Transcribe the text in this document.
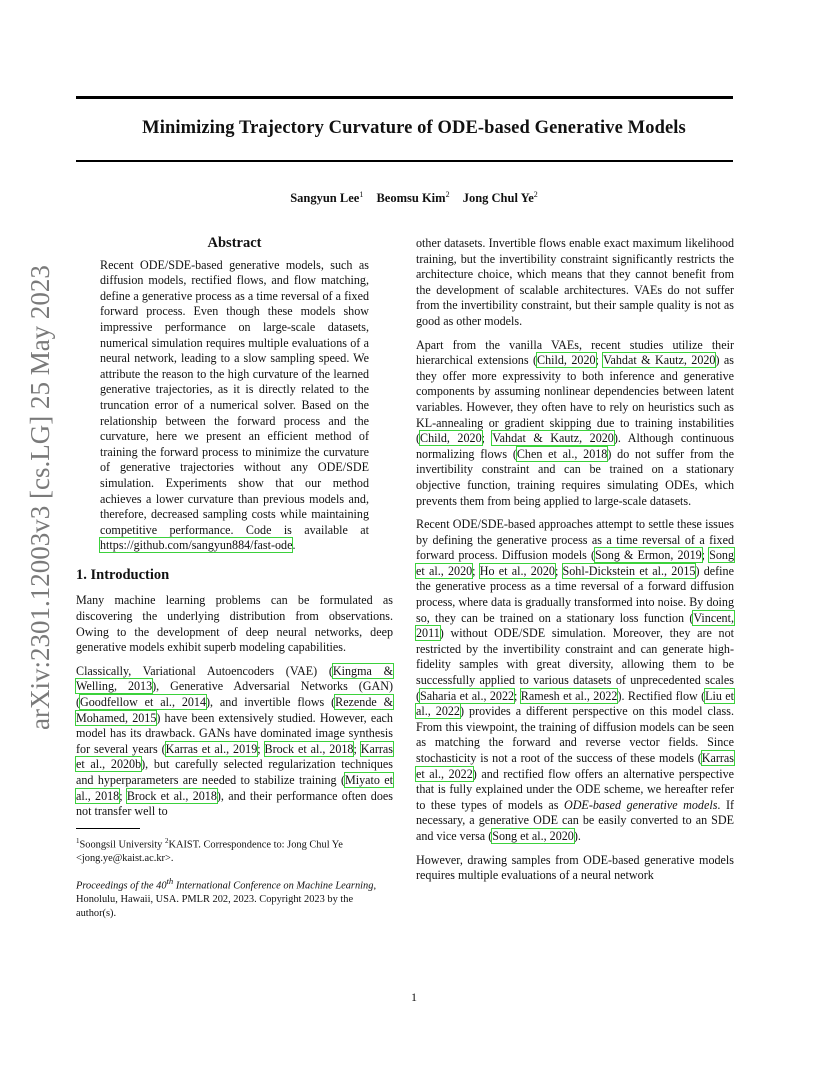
arXiv:2301.12003v3 [cs.LG] 25 May 2023
Minimizing Trajectory Curvature of ODE-based Generative Models
Sangyun Lee$^1$ Beomsu Kim$^2$ Jong Chul Ye$^2$
Abstract
Recent ODE/SDE-based generative models, such as diffusion models, rectified flows, and flow matching, define a generative process as a time reversal of a fixed forward process. Even though these models show impressive performance on large-scale datasets, numerical simulation requires multiple evaluations of a neural network, leading to a slow sampling speed. We attribute the reason to the high curvature of the learned generative trajectories, as it is directly related to the truncation error of a numerical solver. Based on the relationship between the forward process and the curvature, here we present an efficient method of training the forward process to minimize the curvature of generative trajectories without any ODE/SDE simulation. Experiments show that our method achieves a lower curvature than previous models and, therefore, decreased sampling costs while maintaining competitive performance. Code is available at https://github.com/sangyun884/fast-ode.
1. Introduction

Many machine learning problems can be formulated as discovering the underlying distribution from observations. Owing to the development of deep neural networks, deep generative models exhibit superb modeling capabilities.

Classically, Variational Autoencoders (VAE) (Kingma & Welling, 2013), Generative Adversarial Networks (GAN) (Goodfellow et al., 2014), and invertible flows (Rezende & Mohamed, 2015) have been extensively studied. However, each model has its drawback. GANs have dominated image synthesis for several years (Karras et al., 2019; Brock et al., 2018; Karras et al., 2020b), but carefully selected regularization techniques and hyperparameters are needed to stabilize training (Miyato et al., 2018; Brock et al., 2018), and their performance often does not transfer well to

$^1$Soongsil University $^2$KAIST. Correspondence to: Jong Chul Ye <jong.ye@kaist.ac.kr>.
Proceedings of the 40th International Conference on Machine Learning, Honolulu, Hawaii, USA. PMLR 202, 2023. Copyright 2023 by the author(s).

other datasets. Invertible flows enable exact maximum likelihood training, but the invertibility constraint significantly restricts the architecture choice, which means that they cannot benefit from the development of scalable architectures. VAEs do not suffer from the invertibility constraint, but their sample quality is not as good as other models.

Apart from the vanilla VAEs, recent studies utilize their hierarchical extensions (Child, 2020; Vahdat & Kautz, 2020) as they offer more expressivity to both inference and generative components by assuming nonlinear dependencies between latent variables. However, they often have to rely on heuristics such as KL-annealing or gradient skipping due to training instabilities (Child, 2020; Vahdat & Kautz, 2020). Although continuous normalizing flows (Chen et al., 2018) do not suffer from the invertibility constraint and can be trained on a stationary objective function, training requires simulating ODEs, which prevents them from being applied to large-scale datasets.

Recent ODE/SDE-based approaches attempt to settle these issues by defining the generative process as a time reversal of a fixed forward process. Diffusion models (Song & Ermon, 2019; Song et al., 2020; Ho et al., 2020; Sohl-Dickstein et al., 2015) define the generative process as a time reversal of a forward diffusion process, where data is gradually transformed into noise. By doing so, they can be trained on a stationary loss function (Vincent, 2011) without ODE/SDE simulation. Moreover, they are not restricted by the invertibility constraint and can generate high-fidelity samples with great diversity, allowing them to be successfully applied to various datasets of unprecedented scales (Saharia et al., 2022; Ramesh et al., 2022). Rectified flow (Liu et al., 2022) provides a different perspective on this model class. From this viewpoint, the training of diffusion models can be seen as matching the forward and reverse vector fields. Since stochasticity is not a root of the success of these models (Karras et al., 2022) and rectified flow offers an alternative perspective that is fully explained under the ODE scheme, we hereafter refer to these types of models as ODE-based generative models. If necessary, a generative ODE can be easily converted to an SDE and vice versa (Song et al., 2020).

However, drawing samples from ODE-based generative models requires multiple evaluations of a neural network

1
